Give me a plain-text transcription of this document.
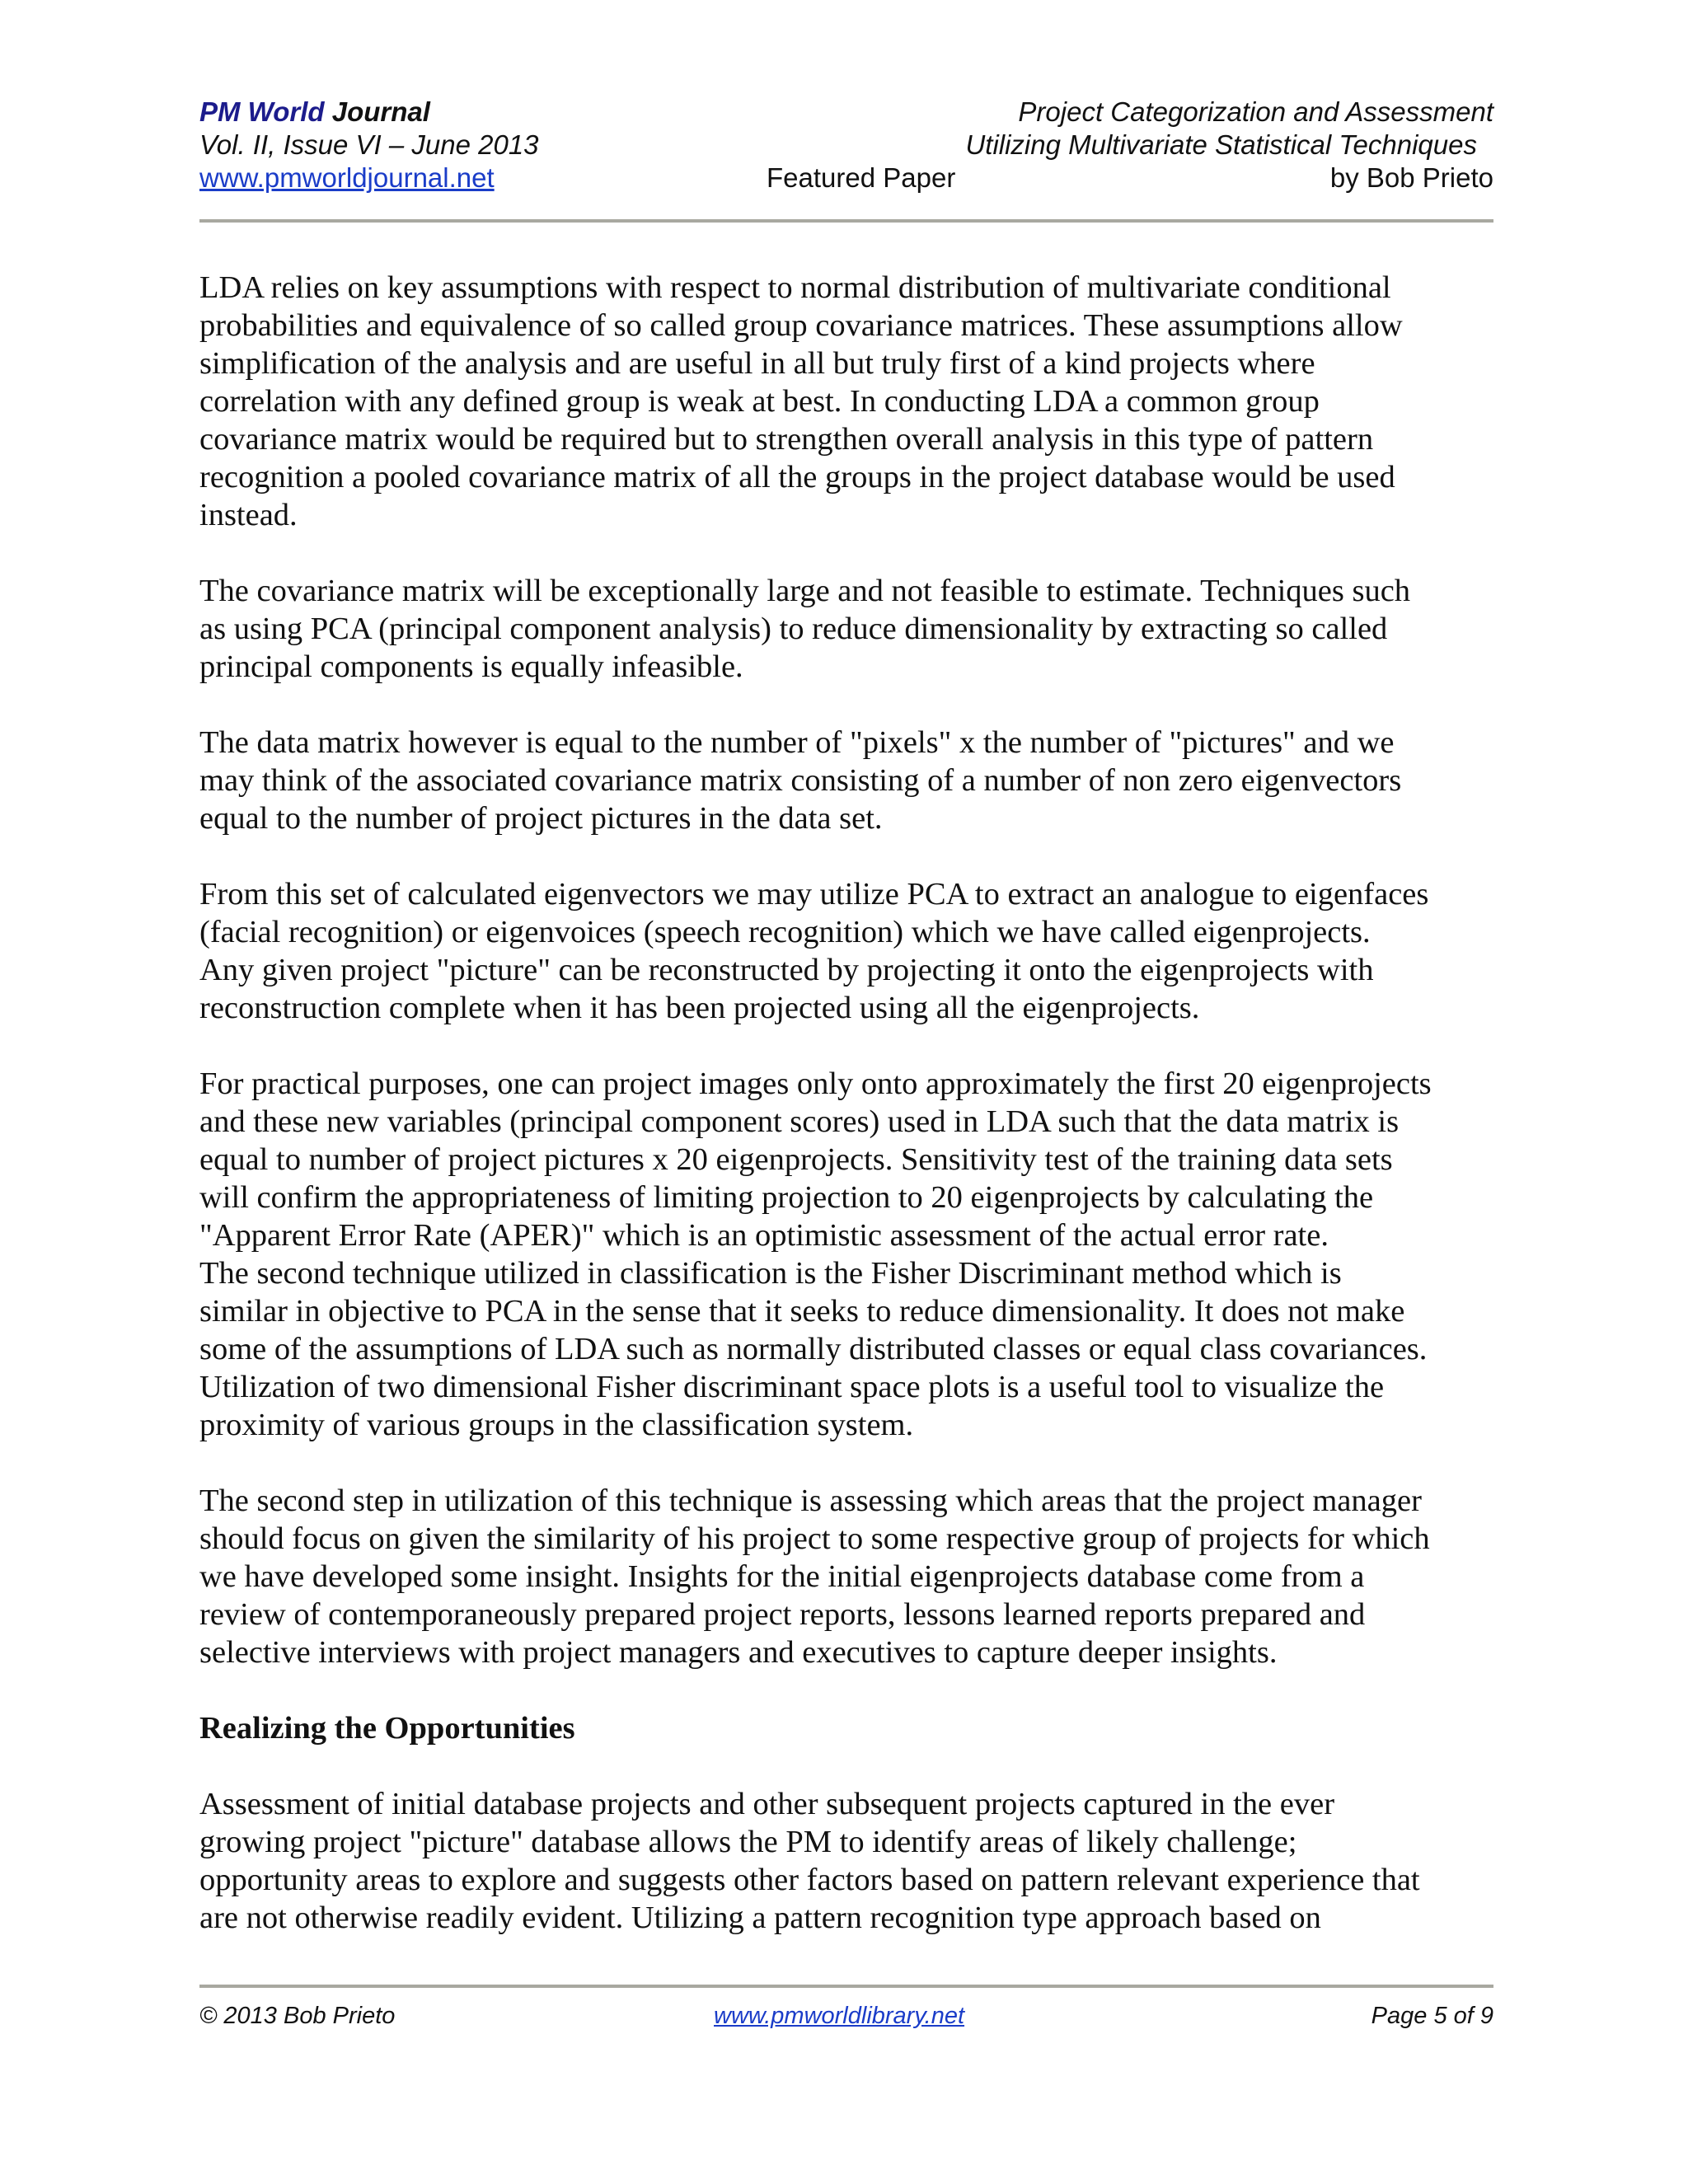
PM World Journal	Project Categorization and Assessment
Vol. II, Issue VI – June 2013	Utilizing Multivariate Statistical Techniques
www.pmworldjournal.net	Featured Paper	by Bob Prieto

LDA relies on key assumptions with respect to normal distribution of multivariate conditional
probabilities and equivalence of so called group covariance matrices. These assumptions allow
simplification of the analysis and are useful in all but truly first of a kind projects where
correlation with any defined group is weak at best. In conducting LDA a common group
covariance matrix would be required but to strengthen overall analysis in this type of pattern
recognition a pooled covariance matrix of all the groups in the project database would be used
instead.

The covariance matrix will be exceptionally large and not feasible to estimate. Techniques such
as using PCA (principal component analysis) to reduce dimensionality by extracting so called
principal components is equally infeasible.

The data matrix however is equal to the number of "pixels" x the number of "pictures" and we
may think of the associated covariance matrix consisting of a number of non zero eigenvectors
equal to the number of project pictures in the data set.

From this set of calculated eigenvectors we may utilize PCA to extract an analogue to eigenfaces
(facial recognition) or eigenvoices (speech recognition) which we have called eigenprojects.
Any given project "picture" can be reconstructed by projecting it onto the eigenprojects with
reconstruction complete when it has been projected using all the eigenprojects.

For practical purposes, one can project images only onto approximately the first 20 eigenprojects
and these new variables (principal component scores) used in LDA such that the data matrix is
equal to number of project pictures x 20 eigenprojects. Sensitivity test of the training data sets
will confirm the appropriateness of limiting projection to 20 eigenprojects by calculating the
"Apparent Error Rate (APER)" which is an optimistic assessment of the actual error rate.

The second technique utilized in classification is the Fisher Discriminant method which is
similar in objective to PCA in the sense that it seeks to reduce dimensionality. It does not make
some of the assumptions of LDA such as normally distributed classes or equal class covariances.
Utilization of two dimensional Fisher discriminant space plots is a useful tool to visualize the
proximity of various groups in the classification system.

The second step in utilization of this technique is assessing which areas that the project manager
should focus on given the similarity of his project to some respective group of projects for which
we have developed some insight. Insights for the initial eigenprojects database come from a
review of contemporaneously prepared project reports, lessons learned reports prepared and
selective interviews with project managers and executives to capture deeper insights.

Realizing the Opportunities

Assessment of initial database projects and other subsequent projects captured in the ever
growing project "picture" database allows the PM to identify areas of likely challenge;
opportunity areas to explore and suggests other factors based on pattern relevant experience that
are not otherwise readily evident. Utilizing a pattern recognition type approach based on

© 2013 Bob Prieto	www.pmworldlibrary.net	Page 5 of 9
